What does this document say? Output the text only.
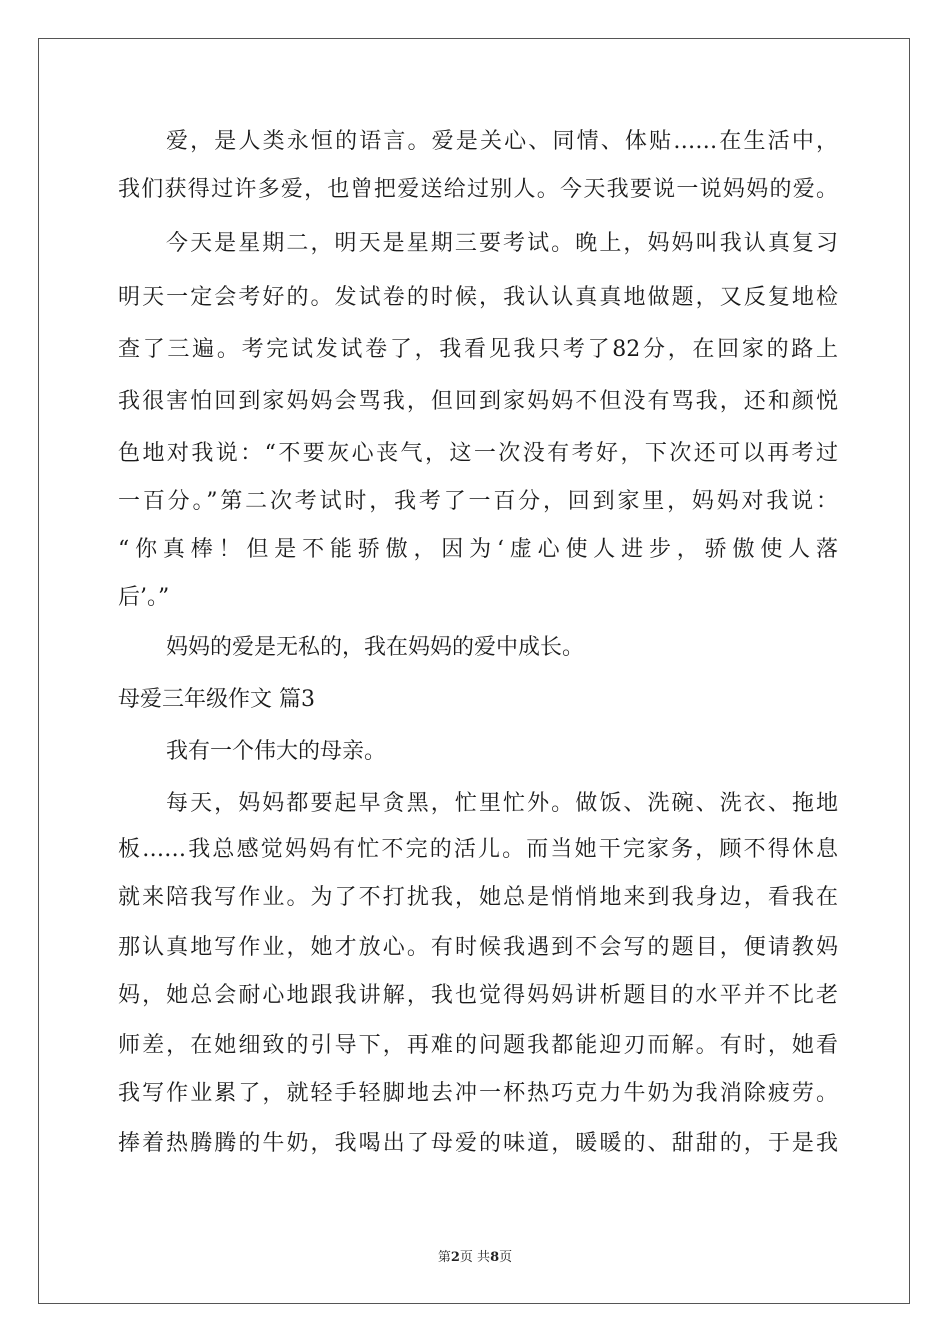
爱，是人类永恒的语言。爱是关心、同情、体贴……在生活中，
我们获得过许多爱，也曾把爱送给过别人。今天我要说一说妈妈的爱。
今天是星期二，明天是星期三要考试。晚上，妈妈叫我认真复习
明天一定会考好的。发试卷的时候，我认认真真地做题，又反复地检
查了三遍。考完试发试卷了，我看见我只考了82分，在回家的路上
我很害怕回到家妈妈会骂我，但回到家妈妈不但没有骂我，还和颜悦
色地对我说：“不要灰心丧气，这一次没有考好，下次还可以再考过
一百分。”第二次考试时，我考了一百分，回到家里，妈妈对我说：
“你真棒！但是不能骄傲，因为‘虚心使人进步，骄傲使人落
后’。”
妈妈的爱是无私的，我在妈妈的爱中成长。
母爱三年级作文 篇3
我有一个伟大的母亲。
每天，妈妈都要起早贪黑，忙里忙外。做饭、洗碗、洗衣、拖地
板……我总感觉妈妈有忙不完的活儿。而当她干完家务，顾不得休息
就来陪我写作业。为了不打扰我，她总是悄悄地来到我身边，看我在
那认真地写作业，她才放心。有时候我遇到不会写的题目，便请教妈
妈，她总会耐心地跟我讲解，我也觉得妈妈讲析题目的水平并不比老
师差，在她细致的引导下，再难的问题我都能迎刃而解。有时，她看
我写作业累了，就轻手轻脚地去冲一杯热巧克力牛奶为我消除疲劳。
捧着热腾腾的牛奶，我喝出了母爱的味道，暖暖的、甜甜的，于是我
第2页 共8页
